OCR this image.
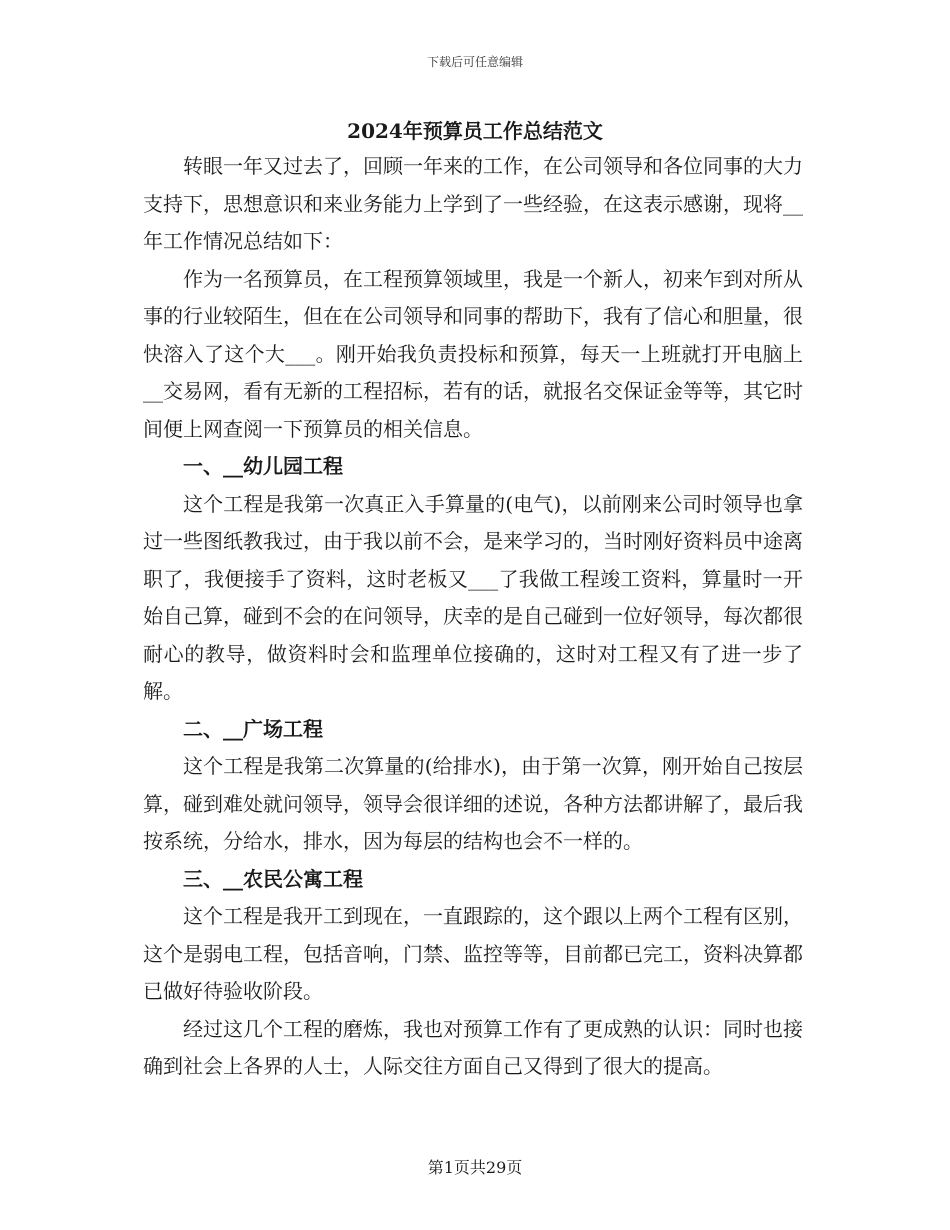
下载后可任意编辑
2024年预算员工作总结范文

转眼一年又过去了，回顾一年来的工作，在公司领导和各位同事的大力支持下，思想意识和来业务能力上学到了一些经验，在这表示感谢，现将__年工作情况总结如下：

作为一名预算员，在工程预算领域里，我是一个新人，初来乍到对所从事的行业较陌生，但在在公司领导和同事的帮助下，我有了信心和胆量，很快溶入了这个大___。刚开始我负责投标和预算，每天一上班就打开电脑上__交易网，看有无新的工程招标，若有的话，就报名交保证金等等，其它时间便上网查阅一下预算员的相关信息。

一、__幼儿园工程

这个工程是我第一次真正入手算量的(电气)，以前刚来公司时领导也拿过一些图纸教我过，由于我以前不会，是来学习的，当时刚好资料员中途离职了，我便接手了资料，这时老板又___了我做工程竣工资料，算量时一开始自己算，碰到不会的在问领导，庆幸的是自己碰到一位好领导，每次都很耐心的教导，做资料时会和监理单位接确的，这时对工程又有了进一步了解。

二、__广场工程

这个工程是我第二次算量的(给排水)，由于第一次算，刚开始自己按层算，碰到难处就问领导，领导会很详细的述说，各种方法都讲解了，最后我按系统，分给水，排水，因为每层的结构也会不一样的。

三、__农民公寓工程

这个工程是我开工到现在，一直跟踪的，这个跟以上两个工程有区别，这个是弱电工程，包括音响，门禁、监控等等，目前都已完工，资料决算都已做好待验收阶段。

经过这几个工程的磨炼，我也对预算工作有了更成熟的认识：同时也接确到社会上各界的人士，人际交往方面自己又得到了很大的提高。

第1页共29页
